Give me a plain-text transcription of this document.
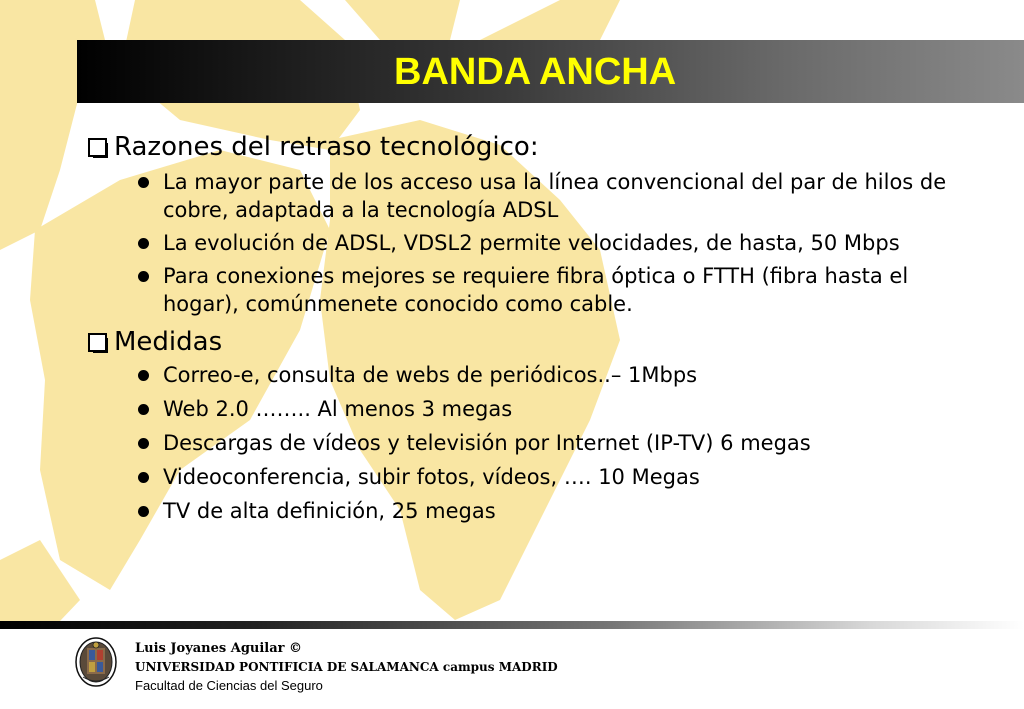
BANDA ANCHA
Razones del retraso tecnológico:
La mayor parte de los acceso usa la línea convencional del par de hilos de cobre, adaptada a la tecnología ADSL
La evolución de ADSL, VDSL2 permite velocidades, de hasta, 50 Mbps
Para conexiones mejores se requiere fibra óptica o FTTH (fibra hasta el hogar), comúnmenete conocido como cable.
Medidas
Correo-e, consulta de webs de periódicos..– 1Mbps
Web 2.0 …….. Al menos 3 megas
Descargas de vídeos y televisión por Internet (IP-TV) 6 megas
Videoconferencia, subir fotos, vídeos, …. 10 Megas
TV de alta definición, 25 megas
Luis Joyanes Aguilar ©
UNIVERSIDAD PONTIFICIA DE SALAMANCA campus MADRID
Facultad de Ciencias del Seguro
